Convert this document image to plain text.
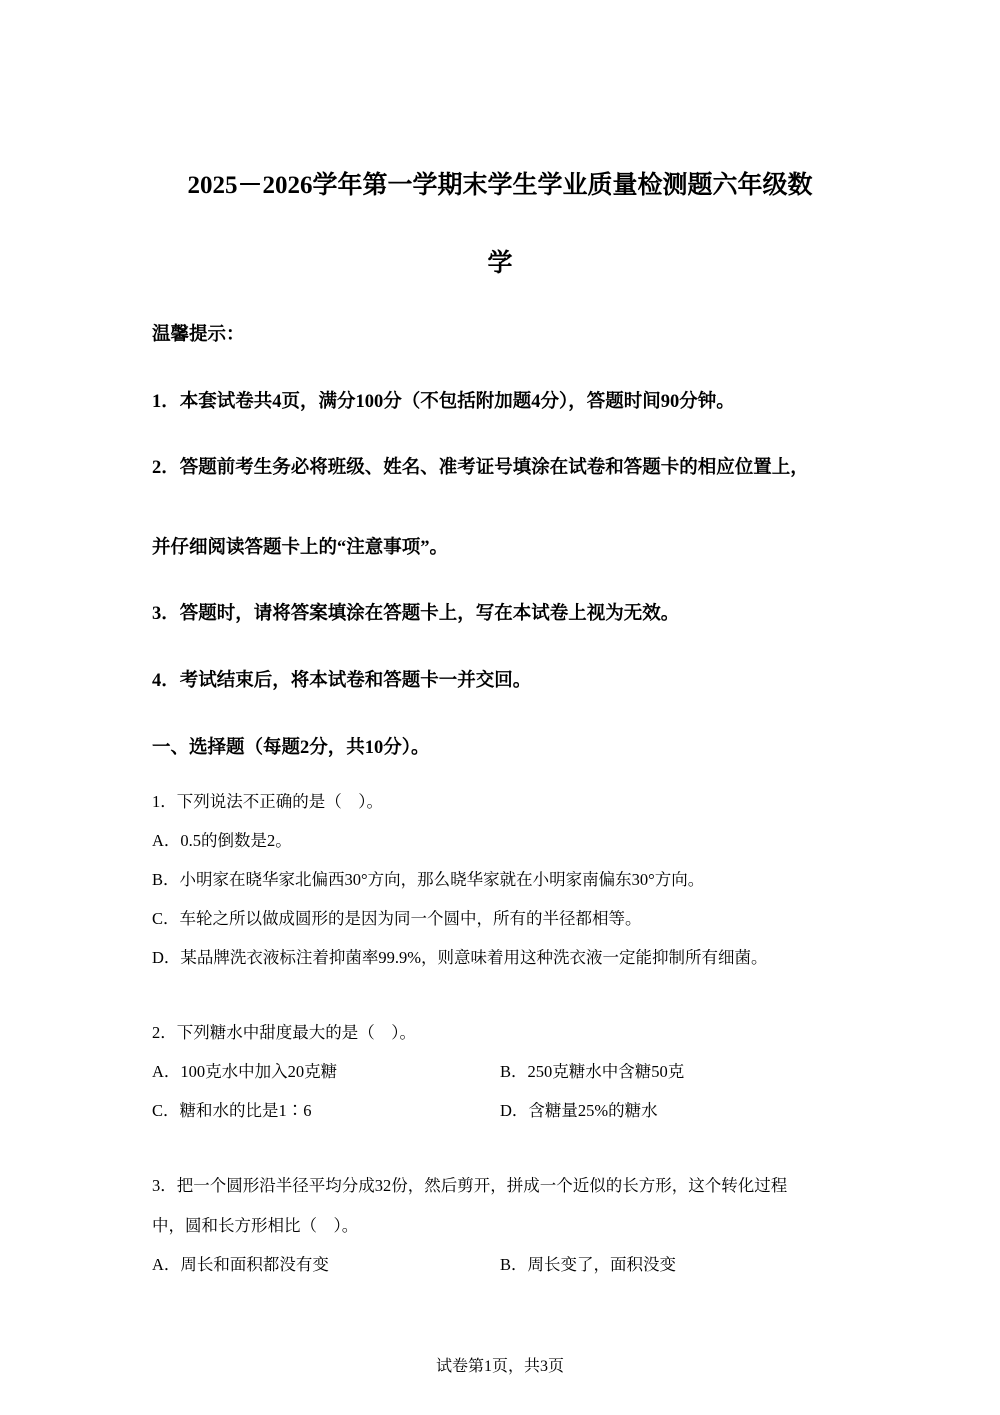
2025－2026学年第一学期末学生学业质量检测题六年级数
学
温馨提示：
1．本套试卷共4页，满分100分（不包括附加题4分），答题时间90分钟。
2．答题前考生务必将班级、姓名、准考证号填涂在试卷和答题卡的相应位置上，
并仔细阅读答题卡上的“注意事项”。
3．答题时，请将答案填涂在答题卡上，写在本试卷上视为无效。
4．考试结束后，将本试卷和答题卡一并交回。
一、选择题（每题2分，共10分）。
1．下列说法不正确的是（　）。
A．0.5的倒数是2。
B．小明家在晓华家北偏西30°方向，那么晓华家就在小明家南偏东30°方向。
C．车轮之所以做成圆形的是因为同一个圆中，所有的半径都相等。
D．某品牌洗衣液标注着抑菌率99.9%，则意味着用这种洗衣液一定能抑制所有细菌。
2．下列糖水中甜度最大的是（　）。
A．100克水中加入20克糖	B．250克糖水中含糖50克
C．糖和水的比是1∶6	D．含糖量25%的糖水
3．把一个圆形沿半径平均分成32份，然后剪开，拼成一个近似的长方形，这个转化过程
中，圆和长方形相比（　）。
A．周长和面积都没有变	B．周长变了，面积没变
试卷第1页，共3页
